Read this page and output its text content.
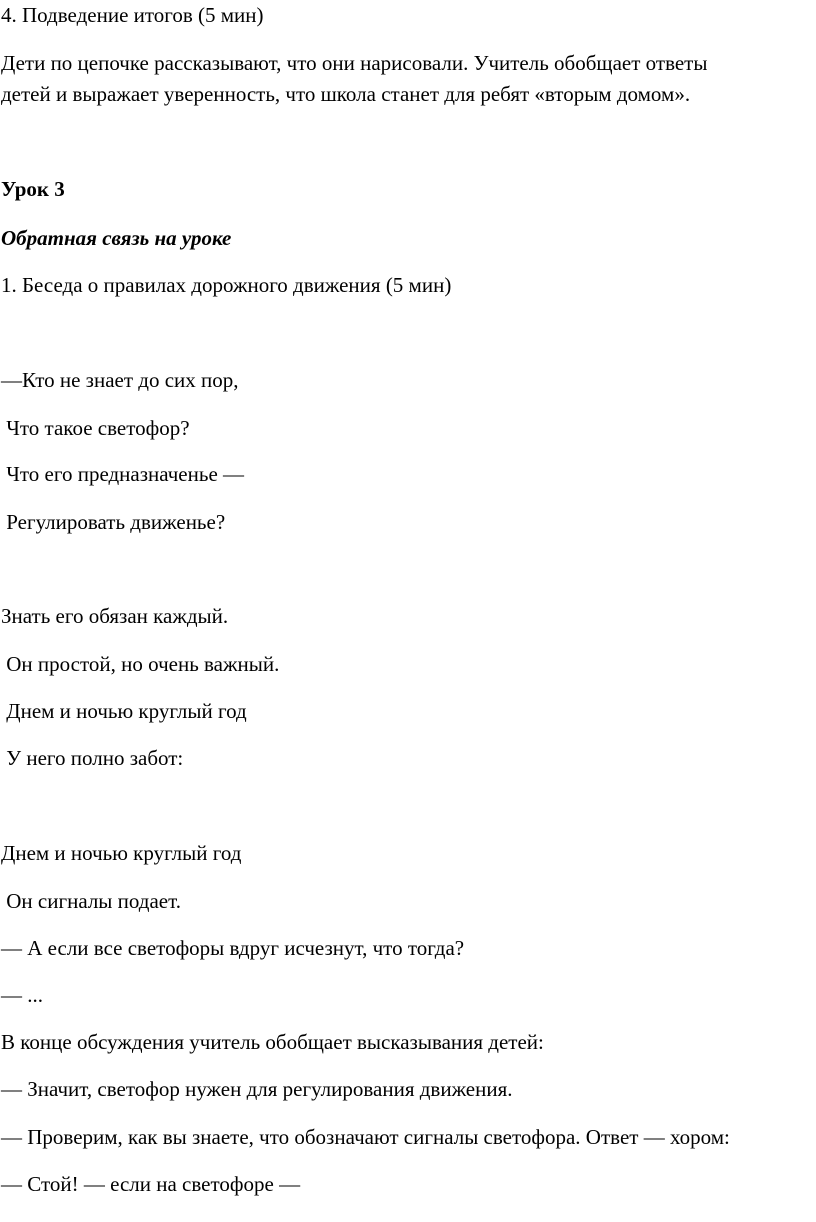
4. Подведение итогов (5 мин)

Дети по цепочке рассказывают, что они нарисовали. Учитель обобщает ответы

детей и выражает уверенность, что школа станет для ребят «вторым домом».

Урок 3

Обратная связь на уроке

1. Беседа о правилах дорожного движения (5 мин)

—Кто не знает до сих пор,

Что такое светофор?

Что его предназначенье —

Регулировать движенье?

Знать его обязан каждый.

Он простой, но очень важный.

Днем и ночью круглый год

У него полно забот:

Днем и ночью круглый год

Он сигналы подает.

— А если все светофоры вдруг исчезнут, что тогда?

— ...

В конце обсуждения учитель обобщает высказывания детей:

— Значит, светофор нужен для регулирования движения.

— Проверим, как вы знаете, что обозначают сигналы светофора. Ответ — хором:

— Стой! — если на светофоре —
